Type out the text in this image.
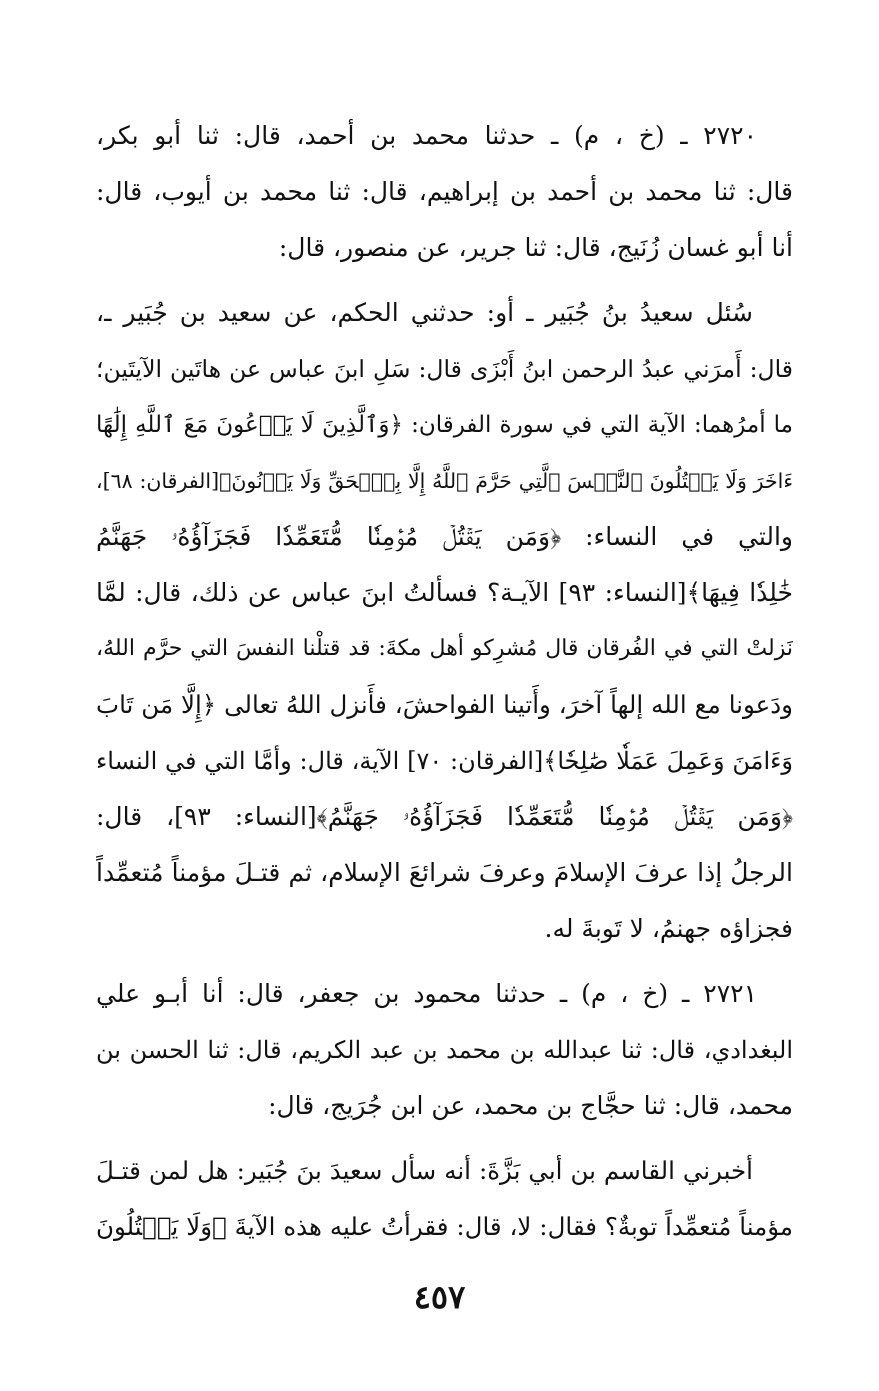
٢٧٢٠ ـ (خ ، م) ـ حدثنا محمد بن أحمد، قال: ثنا أبو بكر،
قال: ثنا محمد بن أحمد بن إبراهيم، قال: ثنا محمد بن أيوب، قال:
أنا أبو غسان زُنَيج، قال: ثنا جرير، عن منصور، قال:
سُئل سعيدُ بنُ جُبَير ـ أو: حدثني الحكم، عن سعيد بن جُبَير ـ،
قال: أَمرَني عبدُ الرحمن ابنُ أَبْزَى قال: سَلِ ابنَ عباس عن هاتَين الآيتَين؛
ما أمرُهما: الآية التي في سورة الفرقان: ﴿وَٱلَّذِينَ لَا يَدۡعُونَ مَعَ ٱللَّهِ إِلَٰهًا
ءَاخَرَ وَلَا يَقۡتُلُونَ ٱلنَّفۡسَ ٱلَّتِي حَرَّمَ ٱللَّهُ إِلَّا بِٱلۡحَقِّ وَلَا يَزۡنُونَ﴾[الفرقان: ٦٨]،
والتي في النساء: ﴿وَمَن يَقۡتُلۡ مُؤۡمِنٗا مُّتَعَمِّدٗا فَجَزَآؤُهُۥ جَهَنَّمُ
خَٰلِدٗا فِيهَا﴾[النساء: ٩٣] الآيـة؟ فسألتُ ابنَ عباس عن ذلك، قال: لمَّا
نَزلتْ التي في الفُرقان قال مُشرِكو أهل مكةَ: قد قتلْنا النفسَ التي حرَّم اللهُ،
ودَعونا مع الله إلهاً آخرَ، وأَتينا الفواحشَ، فأَنزل اللهُ تعالى ﴿إِلَّا مَن تَابَ
وَءَامَنَ وَعَمِلَ عَمَلٗا صَٰلِحٗا﴾[الفرقان: ٧٠] الآية، قال: وأمَّا التي في النساء
﴿وَمَن يَقۡتُلۡ مُؤۡمِنٗا مُّتَعَمِّدٗا فَجَزَآؤُهُۥ جَهَنَّمُ﴾[النساء: ٩٣]، قال:
الرجلُ إذا عرفَ الإسلامَ وعرفَ شرائعَ الإسلام، ثم قتـلَ مؤمناً مُتعمِّداً
فجزاؤه جهنمُ، لا تَوبةَ له.
٢٧٢١ ـ (خ ، م) ـ حدثنا محمود بن جعفر، قال: أنا أبـو علي
البغدادي، قال: ثنا عبدالله بن محمد بن عبد الكريم، قال: ثنا الحسن بن
محمد، قال: ثنا حجَّاج بن محمد، عن ابن جُرَيج، قال:
أخبرني القاسم بن أبي بَزَّةَ: أنه سأل سعيدَ بنَ جُبَير: هل لمن قتـلَ
مؤمناً مُتعمِّداً توبةٌ؟ فقال: لا، قال: فقرأتُ عليه هذه الآيةَ ﴿وَلَا يَقۡتُلُونَ
٤٥٧
